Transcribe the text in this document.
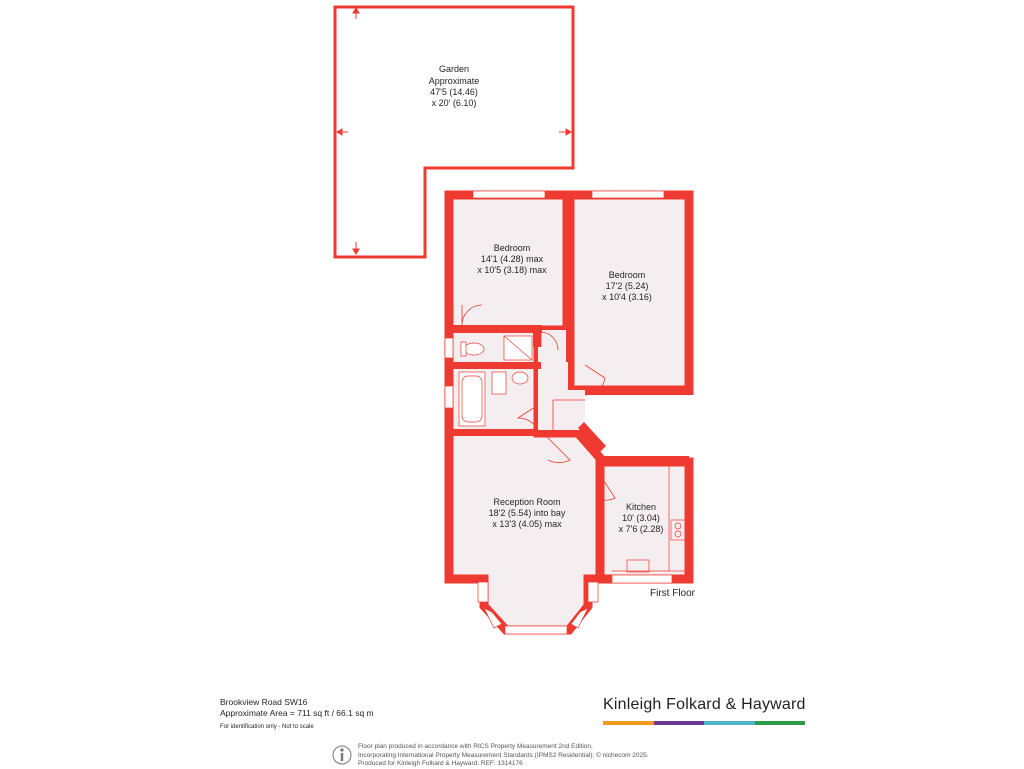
Garden
Approximate
47'5 (14.46)
x 20' (6.10)
Bedroom
14'1 (4.28) max
x 10'5 (3.18) max	Bedroom
17'2 (5.24)
x 10'4 (3.16)
Reception Room
18'2 (5.54) into bay
x 13'3 (4.05) max
Kitchen
10' (3.04)
x 7'6 (2.28)
First Floor
Brookview Road SW16
Approximate Area = 711 sq ft / 66.1 sq m
For identification only - Not to scale
Kinleigh Folkard & Hayward
Floor plan produced in accordance with RICS Property Measurement 2nd Edition,
Incorporating International Property Measurement Standards (IPMS2 Residential). © nichecom 2025.
Produced for Kinleigh Folkard & Hayward. REF: 1314176
